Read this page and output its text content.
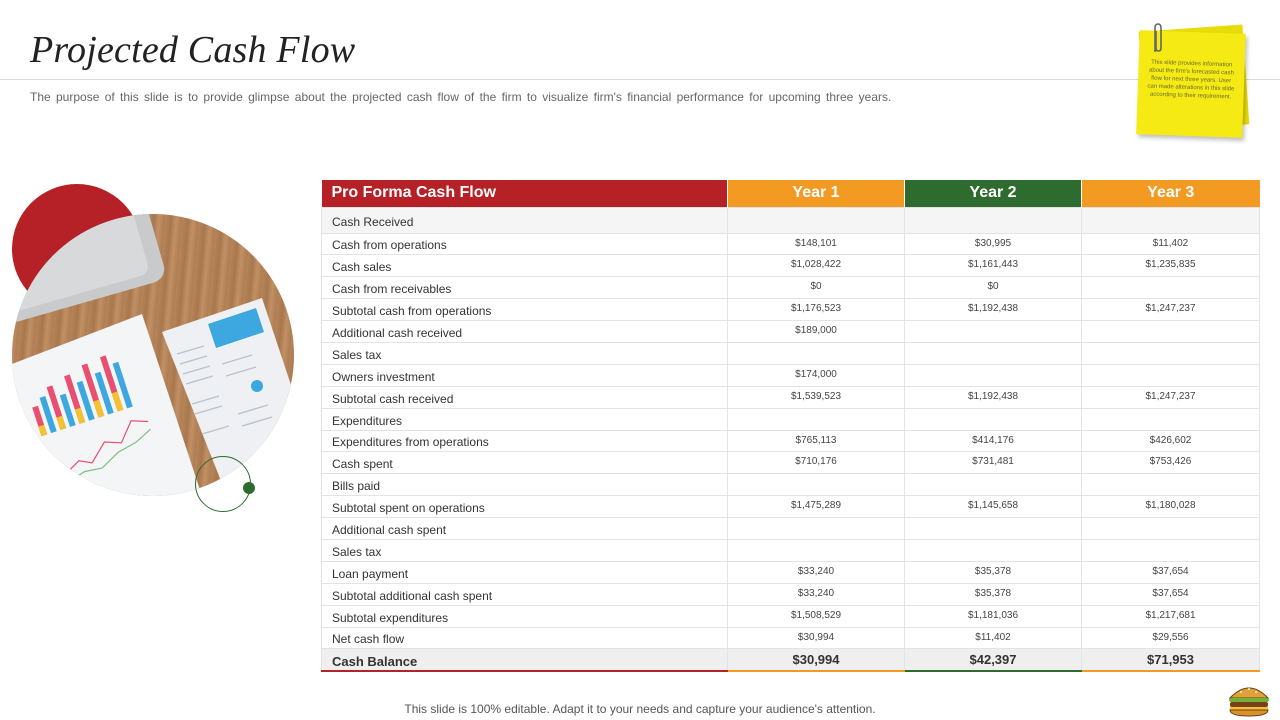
Projected Cash Flow
The purpose of this slide is to provide glimpse about the projected cash flow of the firm to visualize firm's financial performance for upcoming three years.
This slide provides information about the firm's forecasted cash flow for next three years. User can made alterations in this slide according to their requirement.
Pro Forma Cash Flow	Year 1	Year 2	Year 3
Cash Received			
Cash from operations	$148,101	$30,995	$11,402
Cash sales	$1,028,422	$1,161,443	$1,235,835
Cash from receivables	$0	$0	
Subtotal cash from operations	$1,176,523	$1,192,438	$1,247,237
Additional cash received	$189,000		
Sales tax			
Owners investment	$174,000		
Subtotal cash received	$1,539,523	$1,192,438	$1,247,237
Expenditures			
Expenditures from operations	$765,113	$414,176	$426,602
Cash spent	$710,176	$731,481	$753,426
Bills paid			
Subtotal spent on operations	$1,475,289	$1,145,658	$1,180,028
Additional cash spent			
Sales tax			
Loan payment	$33,240	$35,378	$37,654
Subtotal additional cash spent	$33,240	$35,378	$37,654
Subtotal expenditures	$1,508,529	$1,181,036	$1,217,681
Net cash flow	$30,994	$11,402	$29,556
Cash Balance	$30,994	$42,397	$71,953
This slide is 100% editable. Adapt it to your needs and capture your audience's attention.
